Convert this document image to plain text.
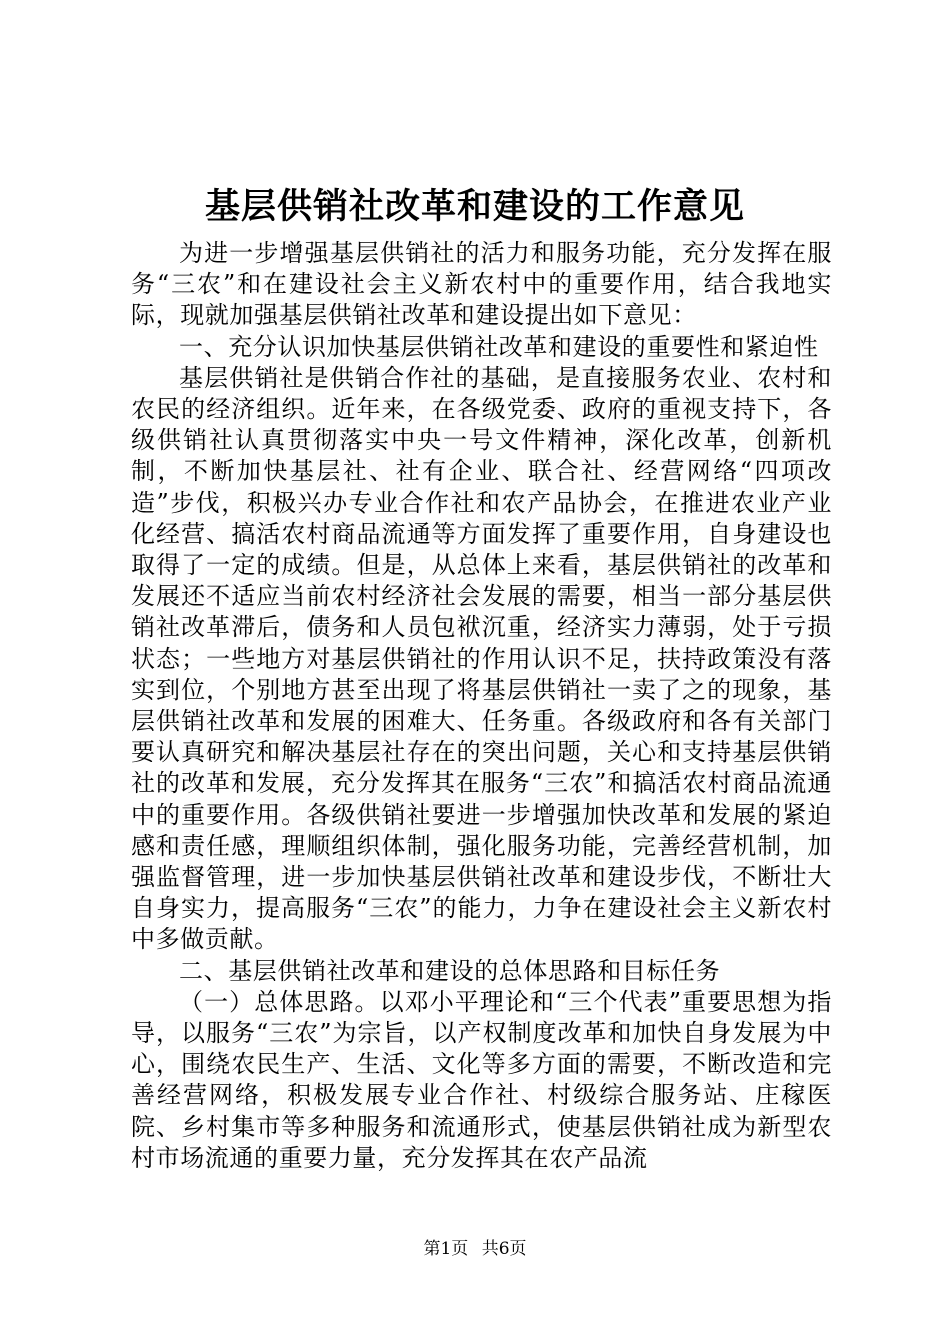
基层供销社改革和建设的工作意见

为进一步增强基层供销社的活力和服务功能，充分发挥在服务“三农”和在建设社会主义新农村中的重要作用，结合我地实际，现就加强基层供销社改革和建设提出如下意见：

一、充分认识加快基层供销社改革和建设的重要性和紧迫性

基层供销社是供销合作社的基础，是直接服务农业、农村和农民的经济组织。近年来，在各级党委、政府的重视支持下，各级供销社认真贯彻落实中央一号文件精神，深化改革，创新机制，不断加快基层社、社有企业、联合社、经营网络“四项改造”步伐，积极兴办专业合作社和农产品协会，在推进农业产业化经营、搞活农村商品流通等方面发挥了重要作用，自身建设也取得了一定的成绩。但是，从总体上来看，基层供销社的改革和发展还不适应当前农村经济社会发展的需要，相当一部分基层供销社改革滞后，债务和人员包袱沉重，经济实力薄弱，处于亏损状态；一些地方对基层供销社的作用认识不足，扶持政策没有落实到位，个别地方甚至出现了将基层供销社一卖了之的现象，基层供销社改革和发展的困难大、任务重。各级政府和各有关部门要认真研究和解决基层社存在的突出问题，关心和支持基层供销社的改革和发展，充分发挥其在服务“三农”和搞活农村商品流通中的重要作用。各级供销社要进一步增强加快改革和发展的紧迫感和责任感，理顺组织体制，强化服务功能，完善经营机制，加强监督管理，进一步加快基层供销社改革和建设步伐，不断壮大自身实力，提高服务“三农”的能力，力争在建设社会主义新农村中多做贡献。

二、基层供销社改革和建设的总体思路和目标任务

（一）总体思路。以邓小平理论和“三个代表”重要思想为指导，以服务“三农”为宗旨，以产权制度改革和加快自身发展为中心，围绕农民生产、生活、文化等多方面的需要，不断改造和完善经营网络，积极发展专业合作社、村级综合服务站、庄稼医院、乡村集市等多种服务和流通形式，使基层供销社成为新型农村市场流通的重要力量，充分发挥其在农产品流

第1页 共6页
